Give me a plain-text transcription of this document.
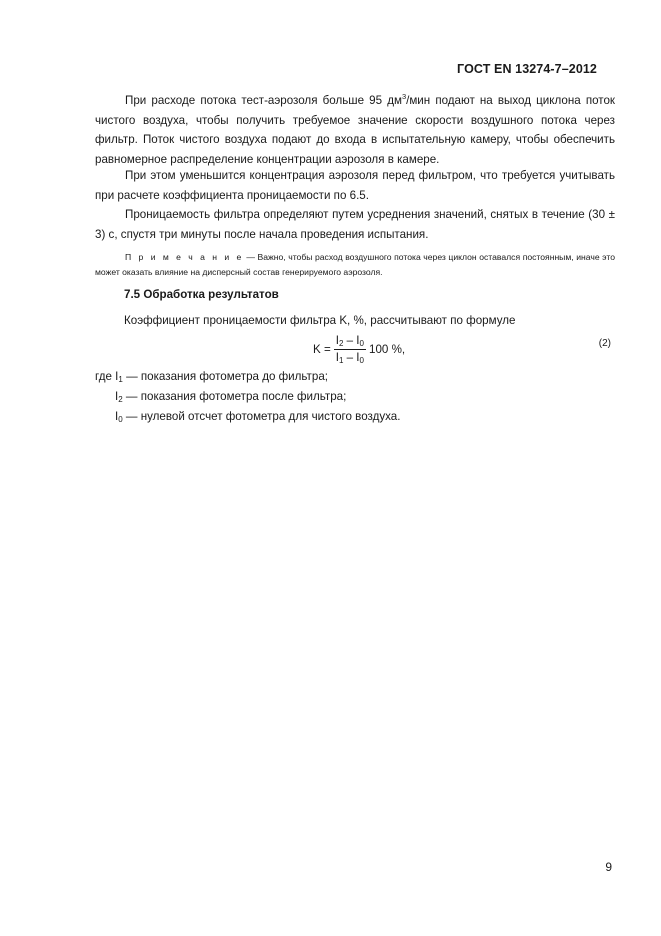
ГОСТ EN 13274-7–2012
При расходе потока тест-аэрозоля больше 95 $дм^3$/мин подают на выход циклона поток чистого воздуха, чтобы получить требуемое значение скорости воздушного потока через фильтр. Поток чистого воздуха подают до входа в испытательную камеру, чтобы обеспечить равномерное распределение концентрации аэрозоля в камере.
При этом уменьшится концентрация аэрозоля перед фильтром, что требуется учитывать при расчете коэффициента проницаемости по 6.5.
Проницаемость фильтра определяют путем усреднения значений, снятых в течение (30 ± 3) с, спустя три минуты после начала проведения испытания.
П р и м е ч а н и е — Важно, чтобы расход воздушного потока через циклон оставался постоянным, иначе это может оказать влияние на дисперсный состав генерируемого аэрозоля.
7.5 Обработка результатов
Коэффициент проницаемости фильтра K, %, рассчитывают по формуле
$K = \frac{I_2 - I_0}{I_1 - I_0} 100$ %,	(2)
где $I_1$ — показания фотометра до фильтра;
$I_2$ — показания фотометра после фильтра;
$I_0$ — нулевой отсчет фотометра для чистого воздуха.
9
